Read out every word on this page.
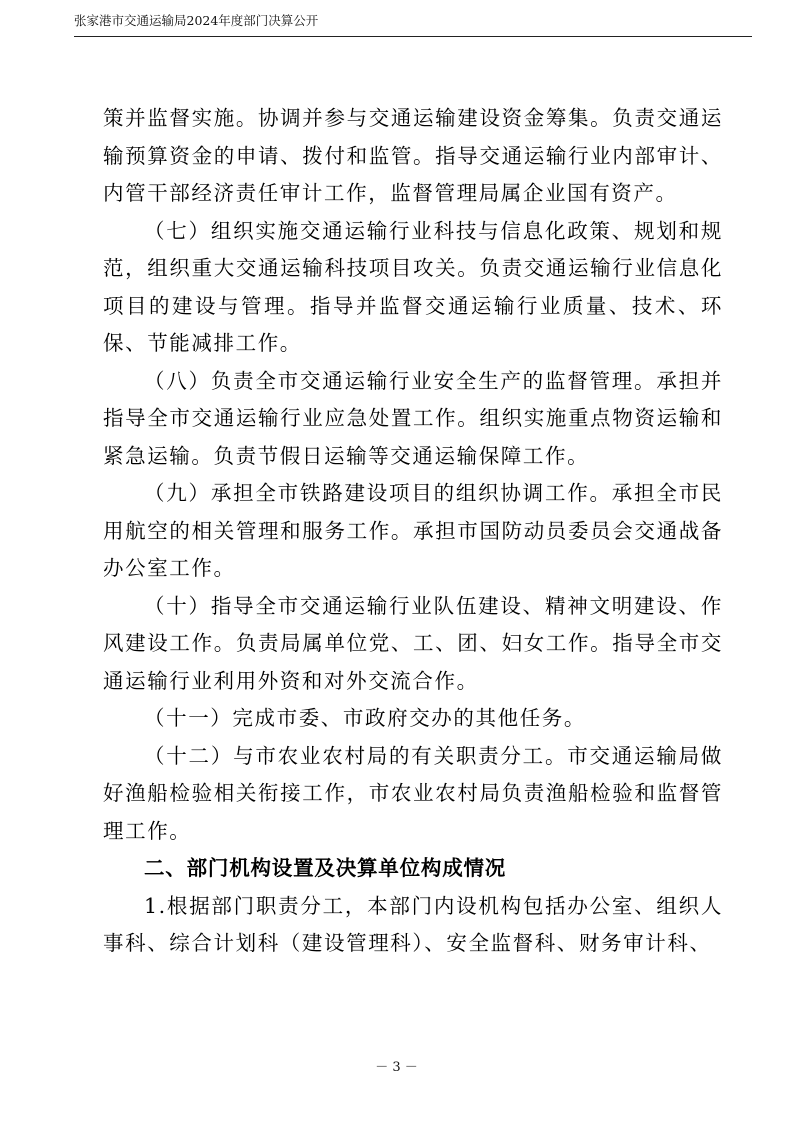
张家港市交通运输局2024年度部门决算公开

策并监督实施。协调并参与交通运输建设资金筹集。负责交通运输预算资金的申请、拨付和监管。指导交通运输行业内部审计、内管干部经济责任审计工作，监督管理局属企业国有资产。

（七）组织实施交通运输行业科技与信息化政策、规划和规范，组织重大交通运输科技项目攻关。负责交通运输行业信息化项目的建设与管理。指导并监督交通运输行业质量、技术、环保、节能减排工作。

（八）负责全市交通运输行业安全生产的监督管理。承担并指导全市交通运输行业应急处置工作。组织实施重点物资运输和紧急运输。负责节假日运输等交通运输保障工作。

（九）承担全市铁路建设项目的组织协调工作。承担全市民用航空的相关管理和服务工作。承担市国防动员委员会交通战备办公室工作。

（十）指导全市交通运输行业队伍建设、精神文明建设、作风建设工作。负责局属单位党、工、团、妇女工作。指导全市交通运输行业利用外资和对外交流合作。

（十一）完成市委、市政府交办的其他任务。

（十二）与市农业农村局的有关职责分工。市交通运输局做好渔船检验相关衔接工作，市农业农村局负责渔船检验和监督管理工作。

二、部门机构设置及决算单位构成情况

1.根据部门职责分工，本部门内设机构包括办公室、组织人事科、综合计划科（建设管理科）、安全监督科、财务审计科、

－ 3 －
